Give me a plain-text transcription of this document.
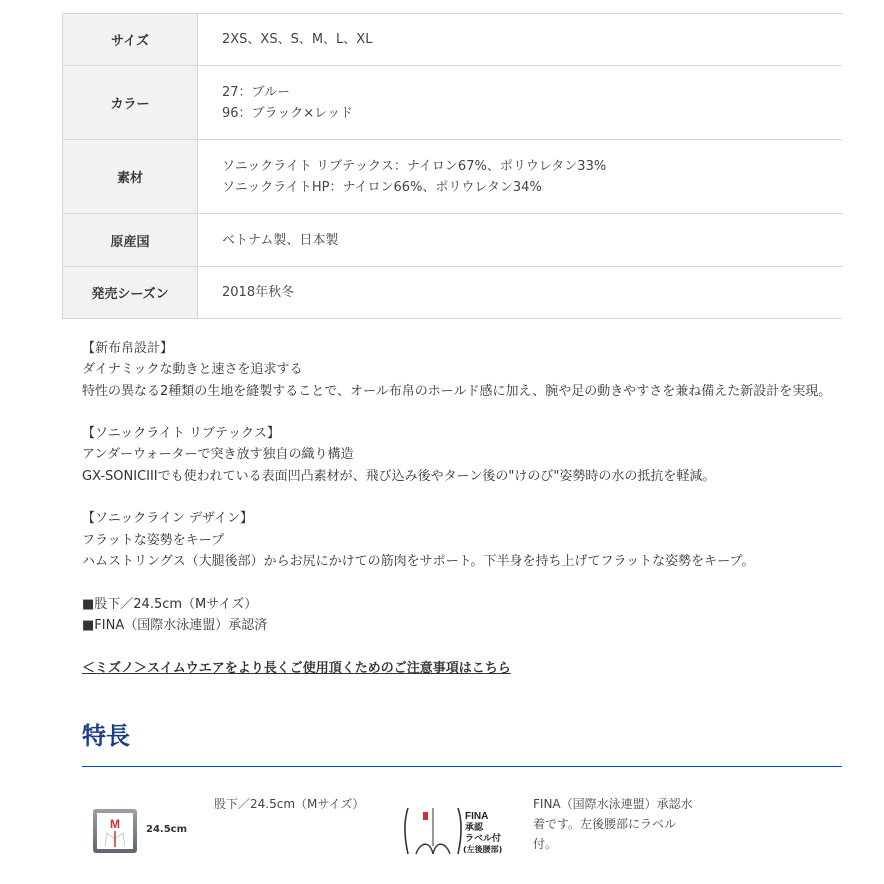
サイズ	2XS、XS、S、M、L、XL

カラー	27：ブルー
96：ブラック×レッド

素材	ソニックライト リブテックス：ナイロン67%、ポリウレタン33%
ソニックライトHP：ナイロン66%、ポリウレタン34%

原産国	ベトナム製、日本製

発売シーズン	2018年秋冬

【新布帛設計】

ダイナミックな動きと速さを追求する

特性の異なる2種類の生地を縫製することで、オール布帛のホールド感に加え、腕や足の動きやすさを兼ね備えた新設計を実現。

【ソニックライト リブテックス】

アンダーウォーターで突き放す独自の織り構造

GX-SONICIIIでも使われている表面凹凸素材が、飛び込み後やターン後の"けのび"姿勢時の水の抵抗を軽減。

【ソニックライン デザイン】

フラットな姿勢をキープ

ハムストリングス（大腿後部）からお尻にかけての筋肉をサポート。下半身を持ち上げてフラットな姿勢をキープ。

■股下／24.5cm（Mサイズ）

■FINA（国際水泳連盟）承認済

＜ミズノ＞スイムウエアをより長くご使用頂くためのご注意事項はこちら
特長
M	24.5cm
股下／24.5cm（Mサイズ）
FINA
承認
ラベル付
(左後腰部)
FINA（国際水泳連盟）承認水
着です。左後腰部にラベル
付。
